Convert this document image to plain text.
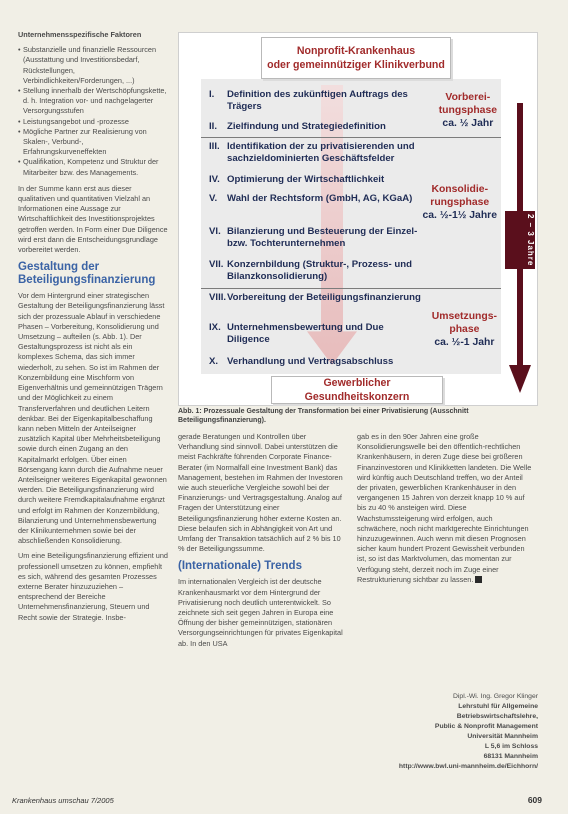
Unternehmensspezifische Faktoren

• Substanzielle und finanzielle Ressourcen (Ausstattung und Investitionsbedarf, Rückstellungen, Verbindlichkeiten/Forderungen, ...)
• Stellung innerhalb der Wertschöpfungskette, d. h. Integration vor- und nachgelagerter Versorgungsstufen
• Leistungsangebot und -prozesse
• Mögliche Partner zur Realisierung von Skalen-, Verbund-, Erfahrungskurveneffekten
• Qualifikation, Kompetenz und Struktur der Mitarbeiter bzw. des Managements.

In der Summe kann erst aus dieser qualitativen und quantitativen Vielzahl an Informationen eine Aussage zur Wirtschaftlichkeit des Investitionsprojektes getroffen werden. In Form einer Due Diligence wird erst dann die Entscheidungsgrundlage vorbereitet werden.

Gestaltung der Beteiligungsfinanzierung

Vor dem Hintergrund einer strategischen Gestaltung der Beteiligungsfinanzierung lässt sich der prozessuale Ablauf in verschiedene Phasen – Vorbereitung, Konsolidierung und Umsetzung – aufteilen (s. Abb. 1). Der Gestaltungsprozess ist nicht als ein komplexes Schema, das sich immer wiederholt, zu sehen. So ist im Rahmen der Konzernbildung eine Mischform von Eigenverhältnis und gemeinnützigen Trägern und der Möglichkeit zu einem Transferverfahren und deutlichen Leitern denkbar. Bei der Eigenkapitalbeschaffung kann neben Mitteln der Anteilseigner zusätzlich Kapital über Mehrheitsbeteiligung sowie durch einen Zugang an den Kapitalmarkt erfolgen. Über einen Börsengang kann durch die Aufnahme neuer Anteilseigner weiteres Eigenkapital gewonnen werden. Die Beteiligungsfinanzierung wird durch weitere Fremdkapitalaufnahme ergänzt und erfolgt im Rahmen der Konzernbildung, Bilanzierung und Unternehmensbewertung der Klinikunternehmen sowie bei der abschließenden Konsolidierung.

Um eine Beteiligungsfinanzierung effizient und professionell umsetzen zu können, empfiehlt es sich, während des gesamten Prozesses externe Berater hinzuzuziehen – entsprechend der Bereiche Unternehmensfinanzierung, Steuern und Recht sowie der Strategie. Insbe-

Nonprofit-Krankenhaus
oder gemeinnütziger Klinikverbund
I. Definition des zukünftigen Auftrags des Trägers
II. Zielfindung und Strategiedefinition
III. Identifikation der zu privatisierenden und sachzieldominierten Geschäftsfelder
IV. Optimierung der Wirtschaftlichkeit
V. Wahl der Rechtsform (GmbH, AG, KGaA)
VI. Bilanzierung und Besteuerung der Einzel- bzw. Tochterunternehmen
VII. Konzernbildung (Struktur-, Prozess- und Bilanzkonsolidierung)
VIII.Vorbereitung der Beteiligungsfinanzierung
IX. Unternehmensbewertung und Due Diligence
X. Verhandlung und Vertragsabschluss
Vorberei-
tungsphase
ca. ½ Jahr
Konsolidie-
rungsphase
ca. ½-1½ Jahre
Umsetzungs-
phase
ca. ½-1 Jahr
2 – 3 Jahre
Gewerblicher
Gesundheitskonzern
Abb. 1: Prozessuale Gestaltung der Transformation bei einer Privatisierung (Ausschnitt Beteiligungsfinanzierung).

gerade Beratungen und Kontrollen über Verhandlung sind sinnvoll. Dabei unterstützen die meist Fachkräfte führenden Corporate Finance-Berater (im Normalfall eine Investment Bank) das Management, bestehen im Rahmen der Investoren wie auch steuerliche Vergleiche sowohl bei der Finanzierungs- und Vertragsgestaltung. Analog auf Fragen der Unterstützung einer Beteiligungsfinanzierung höher externe Kosten an. Diese belaufen sich in Abhängigkeit von Art und Umfang der Transaktion tatsächlich auf 2 % bis 10 % der Beteiligungssumme.

(Internationale) Trends

Im internationalen Vergleich ist der deutsche Krankenhausmarkt vor dem Hintergrund der Privatisierung noch deutlich unterentwickelt. So zeichnete sich seit gegen Jahren in Europa eine Öffnung der bisher gemeinnützigen, stationären Versorgungseinrichtungen für privates Eigenkapital ab. In den USA

gab es in den 90er Jahren eine große Konsolidierungswelle bei den öffentlich-rechtlichen Krankenhäusern, in deren Zuge diese bei größeren Finanzinvestoren und Klinikketten landeten. Die Welle wird künftig auch Deutschland treffen, wo der Anteil der privaten, gewerblichen Krankenhäuser in den vergangenen 15 Jahren von derzeit knapp 10 % auf bis zu 40 % ansteigen wird. Diese Wachstumssteigerung wird erfolgen, auch schwächere, noch nicht marktgerechte Einrichtungen hinzuzugewinnen. Auch wenn mit diesen Prognosen sicher kaum hundert Prozent Gewissheit verbunden ist, so ist das Marktvolumen, das momentan zur Verfügung steht, derzeit noch im Zuge einer Restrukturierung sichtbar zu lassen.

Dipl.-Wi. Ing. Gregor Klinger
Lehrstuhl für Allgemeine
Betriebswirtschaftslehre,
Public & Nonprofit Management
Universität Mannheim
L 5,6 im Schloss
68131 Mannheim
http://www.bwl.uni-mannheim.de/Eichhorn/
Krankenhaus umschau 7/2005	609
